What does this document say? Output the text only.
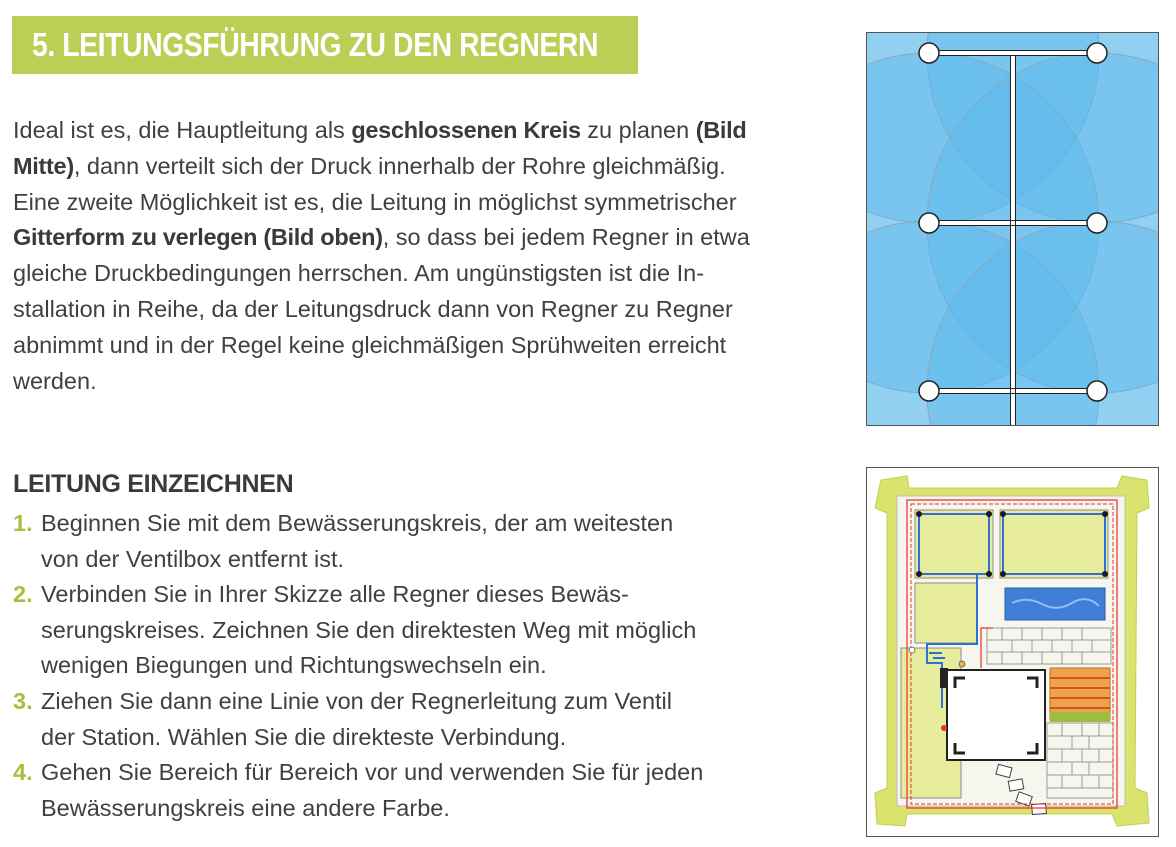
5. LEITUNGSFÜHRUNG ZU DEN REGNERN

Ideal ist es, die Hauptleitung als geschlossenen Kreis zu planen (Bild
Mitte), dann verteilt sich der Druck innerhalb der Rohre gleichmäßig.
Eine zweite Möglichkeit ist es, die Leitung in möglichst symmetrischer
Gitterform zu verlegen (Bild oben), so dass bei jedem Regner in etwa
gleiche Druckbedingungen herrschen. Am ungünstigsten ist die In-
stallation in Reihe, da der Leitungsdruck dann von Regner zu Regner
abnimmt und in der Regel keine gleichmäßigen Sprühweiten erreicht
werden.

LEITUNG EINZEICHNEN
1. Beginnen Sie mit dem Bewässerungskreis, der am weitesten
von der Ventilbox entfernt ist.
2. Verbinden Sie in Ihrer Skizze alle Regner dieses Bewäs-
serungskreises. Zeichnen Sie den direktesten Weg mit möglich
wenigen Biegungen und Richtungswechseln ein.
3. Ziehen Sie dann eine Linie von der Regnerleitung zum Ventil
der Station. Wählen Sie die direkteste Verbindung.
4. Gehen Sie Bereich für Bereich vor und verwenden Sie für jeden
Bewässerungskreis eine andere Farbe.
